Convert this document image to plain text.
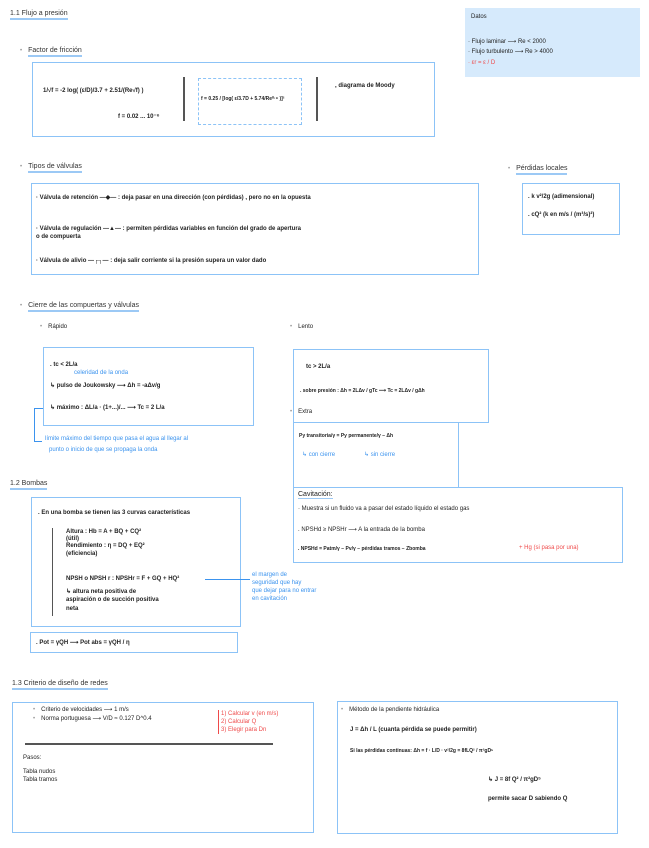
1.1 Flujo a presión	Datos
· Flujo laminar ⟶ Re < 2000
· Flujo turbulento ⟶ Re > 4000
· εr = ε / D
• Factor de fricción
1/√f = -2 log( (ε/D)/3.7 + 2.51/(Re√f) )
f = 0.02 ... 10⁻⁶
f = 0.25 / [log( ε/3.7D + 5.74/Re⁰·⁹ )]²
, diagrama de Moody
• Tipos de válvulas
· Válvula de retención —◆— : deja pasar en una dirección (con pérdidas) , pero no en la opuesta
· Válvula de regulación —▲— : permiten pérdidas variables en función del grado de apertura
o de compuerta
· Válvula de alivio —┌┐— : deja salir corriente si la presión supera un valor dado
• Pérdidas locales
. k v²/2g (adimensional)
. cQ² (k en m/s / (m³/s)²)
• Cierre de las compuertas y válvulas
• Rápido
. tc < 2L/a
celeridad de la onda
↳ pulso de Joukowsky ⟶ Δh = -aΔv/g
↳ máximo : ΔL/a · (1+...)/... ⟶ Tc = 2 L/a
límite máximo del tiempo que pasa el agua al llegar al
punto o inicio de que se propaga la onda
• Lento
tc > 2L/a
. sobre presión : Δh = 2LΔv / gTc ⟶ Tc = 2LΔv / gΔh
• Extra
Py transitoria/γ = Py permanente/γ − Δh
↳ con cierre	↳ sin cierre
1.2 Bombas
. En una bomba se tienen las 3 curvas características
Altura : Hb = A + BQ + CQ²
(útil)
Rendimiento : η = DQ + EQ²
(eficiencia)
NPSH o NPSH r : NPSHr = F + GQ + HQ²
↳ altura neta positiva de
aspiración o de succión positiva
neta
. Pot = γQH ⟶ Pot abs = γQH / η
el margen de
seguridad que hay
que dejar para no entrar
en cavitación
Cavitación:
· Muestra si un fluido va a pasar del estado líquido el estado gas
. NPSHd ≥ NPSHr ⟶ A la entrada de la bomba
. NPSHd = Patm/γ − Pv/γ − pérdidas tramos − Zbomba	+ Hg (si pasa por una)
1.3 Criterio de diseño de redes
• Criterio de velocidades ⟶ 1 m/s
• Norma portuguesa ⟶ V/D ≈ 0.127 D^0.4
1) Calcular v (en m/s)
2) Calcular Q
3) Elegir para Dn
Pasos:
Tabla nudos
Tabla tramos
• Método de la pendiente hidráulica
J = Δh / L (cuanta pérdida se puede permitir)
Si las pérdidas continuas: Δh = f · L/D · v²/2g = 8fLQ² / π²gD⁵
↳ J = 8f Q² / π²gD⁵
permite sacar D sabiendo Q
